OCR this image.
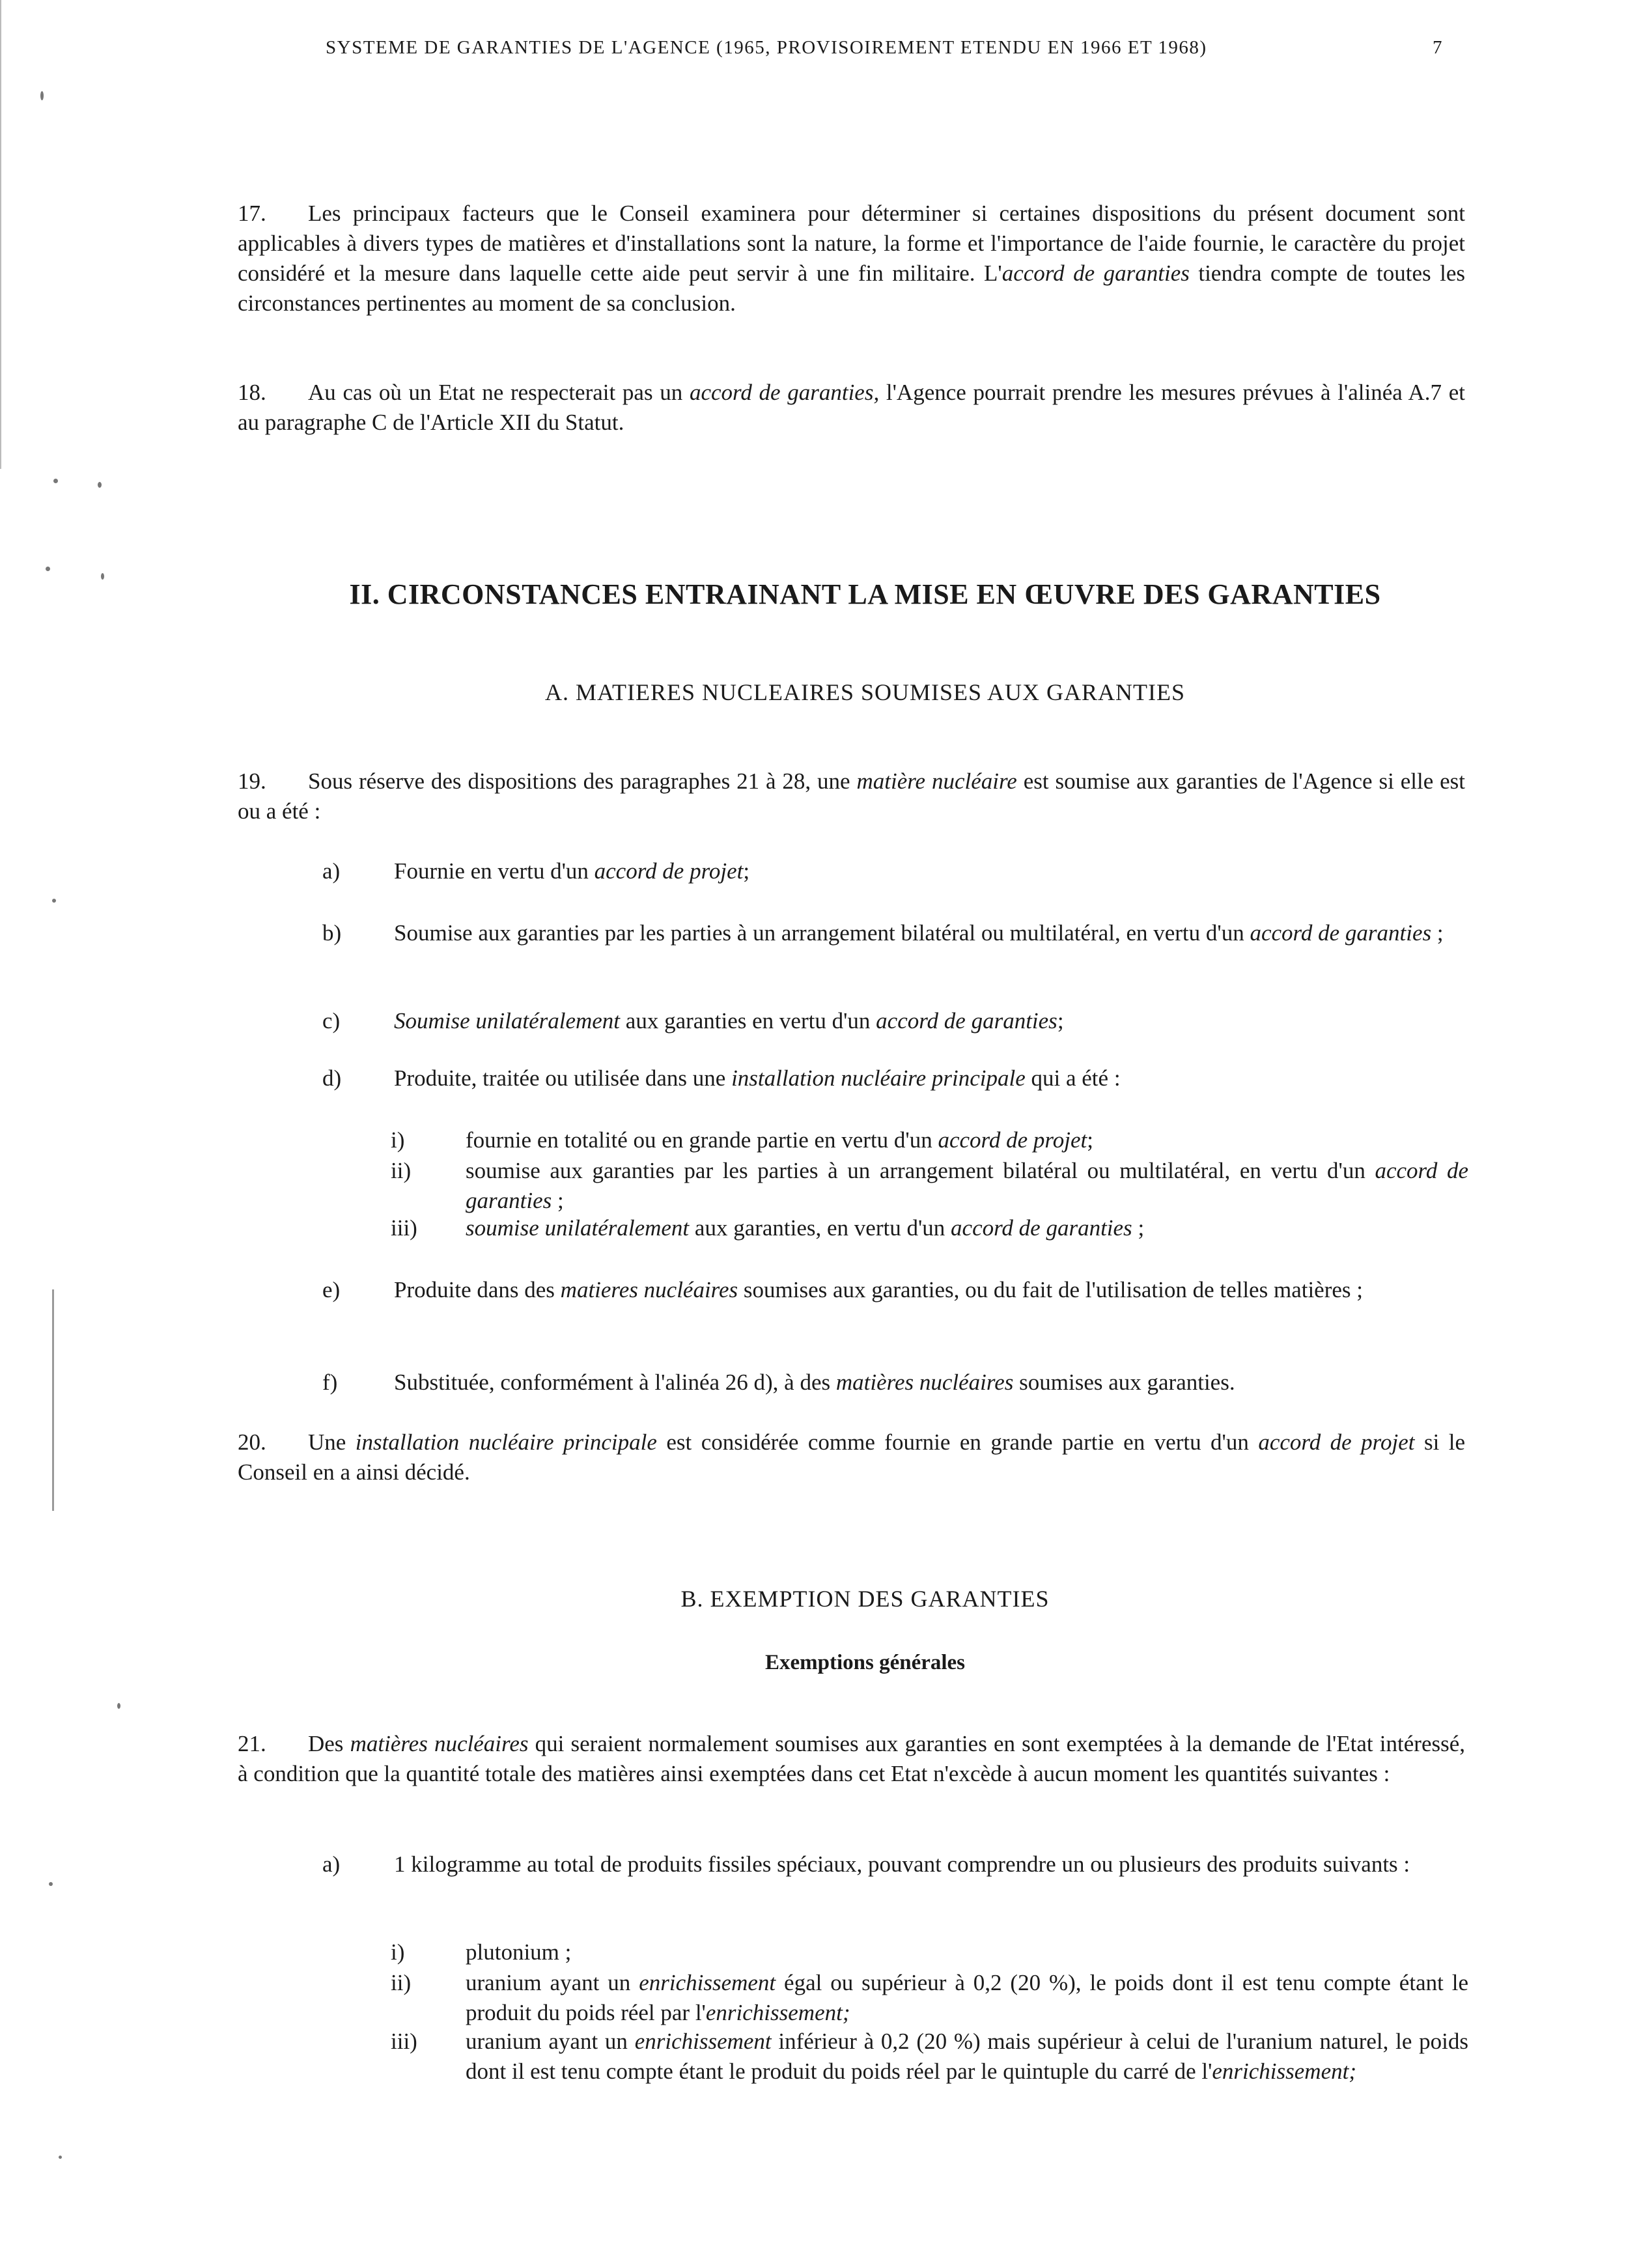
SYSTEME DE GARANTIES DE L'AGENCE (1965, PROVISOIREMENT ETENDU EN 1966 ET 1968)	7
17. Les principaux facteurs que le Conseil examinera pour déterminer si certaines dispositions du présent document sont applicables à divers types de matières et d'installations sont la nature, la forme et l'importance de l'aide fournie, le caractère du projet considéré et la mesure dans laquelle cette aide peut servir à une fin militaire. L'accord de garanties tiendra compte de toutes les circonstances pertinentes au moment de sa conclusion.
18. Au cas où un Etat ne respecterait pas un accord de garanties, l'Agence pourrait prendre les mesures prévues à l'alinéa A.7 et au paragraphe C de l'Article XII du Statut.
II. CIRCONSTANCES ENTRAINANT LA MISE EN ŒUVRE DES GARANTIES
A. MATIERES NUCLEAIRES SOUMISES AUX GARANTIES
19. Sous réserve des dispositions des paragraphes 21 à 28, une matière nucléaire est soumise aux garanties de l'Agence si elle est ou a été :
a)	Fournie en vertu d'un accord de projet;
b)	Soumise aux garanties par les parties à un arrangement bilatéral ou multilatéral, en vertu d'un accord de garanties ;
c)	Soumise unilatéralement aux garanties en vertu d'un accord de garanties;
d)	Produite, traitée ou utilisée dans une installation nucléaire principale qui a été :
i)	fournie en totalité ou en grande partie en vertu d'un accord de projet;
ii)	soumise aux garanties par les parties à un arrangement bilatéral ou multilatéral, en vertu d'un accord de garanties ;
iii)	soumise unilatéralement aux garanties, en vertu d'un accord de garanties ;
e)	Produite dans des matieres nucléaires soumises aux garanties, ou du fait de l'utilisation de telles matières ;
f)	Substituée, conformément à l'alinéa 26 d), à des matières nucléaires soumises aux garanties.
20. Une installation nucléaire principale est considérée comme fournie en grande partie en vertu d'un accord de projet si le Conseil en a ainsi décidé.
B. EXEMPTION DES GARANTIES
Exemptions générales
21. Des matières nucléaires qui seraient normalement soumises aux garanties en sont exemptées à la demande de l'Etat intéressé, à condition que la quantité totale des matières ainsi exemptées dans cet Etat n'excède à aucun moment les quantités suivantes :
a)	1 kilogramme au total de produits fissiles spéciaux, pouvant comprendre un ou plusieurs des produits suivants :
i)	plutonium ;
ii)	uranium ayant un enrichissement égal ou supérieur à 0,2 (20 %), le poids dont il est tenu compte étant le produit du poids réel par l'enrichissement;
iii)	uranium ayant un enrichissement inférieur à 0,2 (20 %) mais supérieur à celui de l'uranium naturel, le poids dont il est tenu compte étant le produit du poids réel par le quintuple du carré de l'enrichissement;
